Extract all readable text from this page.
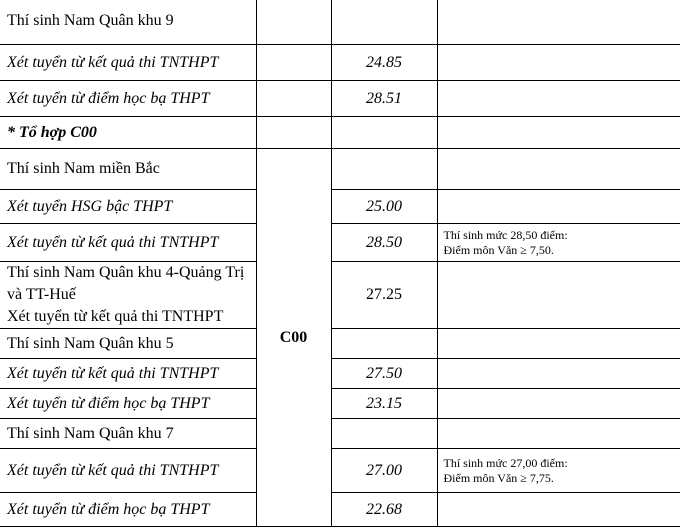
Thí sinh Nam Quân khu 9			
Xét tuyển từ kết quả thi TNTHPT		24.85	
Xét tuyển từ điểm học bạ THPT		28.51	
* Tổ hợp C00			
Thí sinh Nam miền Bắc	C00		
Xét tuyển HSG bậc THPT		25.00	
Xét tuyển từ kết quả thi TNTHPT		28.50	Thí sinh mức 28,50 điểm:
Điểm môn Văn ≥ 7,50.

Thí sinh Nam Quân khu 4-Quảng Trị
và TT-Huế
Xét tuyển từ kết quả thi TNTHPT		27.25	
Thí sinh Nam Quân khu 5			
Xét tuyển từ kết quả thi TNTHPT		27.50	
Xét tuyển từ điểm học bạ THPT		23.15	
Thí sinh Nam Quân khu 7			
Xét tuyển từ kết quả thi TNTHPT		27.00	Thí sinh mức 27,00 điểm:
Điểm môn Văn ≥ 7,75.

Xét tuyển từ điểm học bạ THPT		22.68	
